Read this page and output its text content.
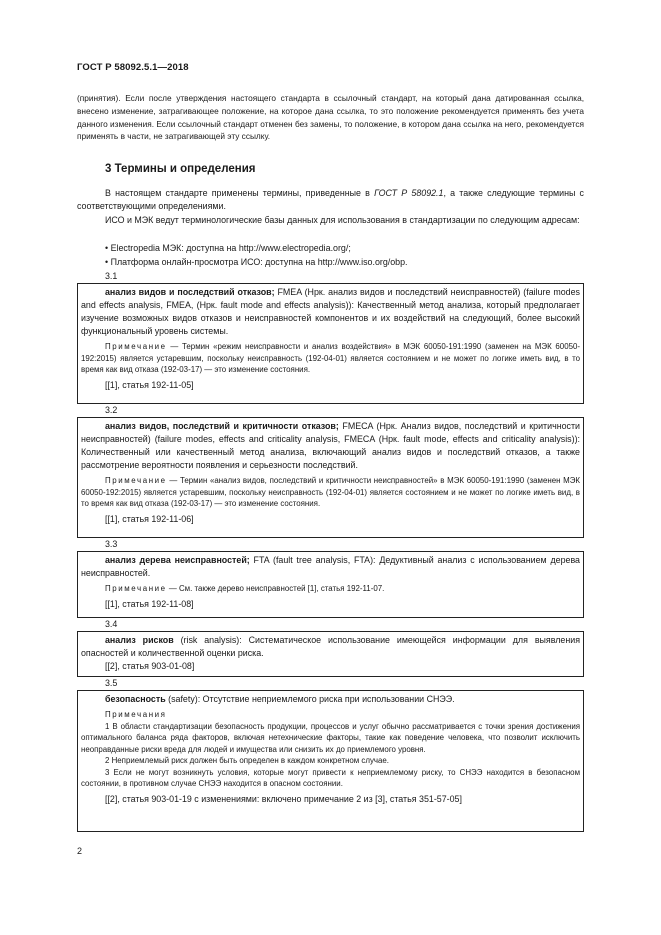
ГОСТ Р 58092.5.1—2018
(принятия). Если после утверждения настоящего стандарта в ссылочный стандарт, на который дана датированная ссылка, внесено изменение, затрагивающее положение, на которое дана ссылка, то это положение рекомендуется применять без учета данного изменения. Если ссылочный стандарт отменен без замены, то положение, в котором дана ссылка на него, рекомендуется применять в части, не затрагивающей эту ссылку.
3 Термины и определения
В настоящем стандарте применены термины, приведенные в ГОСТ Р 58092.1, а также следующие термины с соответствующими определениями.
ИСО и МЭК ведут терминологические базы данных для использования в стандартизации по следующим адресам:
• Electropedia МЭК: доступна на http://www.electropedia.org/;
• Платформа онлайн-просмотра ИСО: доступна на http://www.iso.org/obp.
3.1

анализ видов и последствий отказов; FMEA (Нрк. анализ видов и последствий неисправностей) (failure modes and effects analysis, FMEA, (Нрк. fault mode and effects analysis)): Качественный метод анализа, который предполагает изучение возможных видов отказов и неисправностей компонентов и их воздействий на следующий, более высокий функциональный уровень системы.

Примечание — Термин «режим неисправности и анализ воздействия» в МЭК 60050-191:1990 (заменен на МЭК 60050-192:2015) является устаревшим, поскольку неисправность (192-04-01) является состоянием и не может по логике иметь вид, в то время как вид отказа (192-03-17) — это изменение состояния.

[[1], статья 192-11-05]

3.2

анализ видов, последствий и критичности отказов; FMECA (Нрк. Анализ видов, последствий и критичности неисправностей) (failure modes, effects and criticality analysis, FMECA (Нрк. fault mode, effects and criticality analysis)): Количественный или качественный метод анализа, включающий анализ видов и последствий отказов, а также рассмотрение вероятности появления и серьезности последствий.

Примечание — Термин «анализ видов, последствий и критичности неисправностей» в МЭК 60050-191:1990 (заменен МЭК 60050-192:2015) является устаревшим, поскольку неисправность (192-04-01) является состоянием и не может по логике иметь вид, в то время как вид отказа (192-03-17) — это изменение состояния.

[[1], статья 192-11-06]

3.3

анализ дерева неисправностей; FTA (fault tree analysis, FTA): Дедуктивный анализ с использованием дерева неисправностей.

Примечание — См. также дерево неисправностей [1], статья 192-11-07.

[[1], статья 192-11-08]

3.4

анализ рисков (risk analysis): Систематическое использование имеющейся информации для выявления опасностей и количественной оценки риска.

[[2], статья 903-01-08]

3.5

безопасность (safety): Отсутствие неприемлемого риска при использовании СНЭЭ.

Примечания

1 В области стандартизации безопасность продукции, процессов и услуг обычно рассматривается с точки зрения достижения оптимального баланса ряда факторов, включая нетехнические факторы, такие как поведение человека, что позволит исключить неоправданные риски вреда для людей и имущества или снизить их до приемлемого уровня.

2 Неприемлемый риск должен быть определен в каждом конкретном случае.

3 Если не могут возникнуть условия, которые могут привести к неприемлемому риску, то СНЭЭ находится в безопасном состоянии, в противном случае СНЭЭ находится в опасном состоянии.

[[2], статья 903-01-19 с изменениями: включено примечание 2 из [3], статья 351-57-05]

2
